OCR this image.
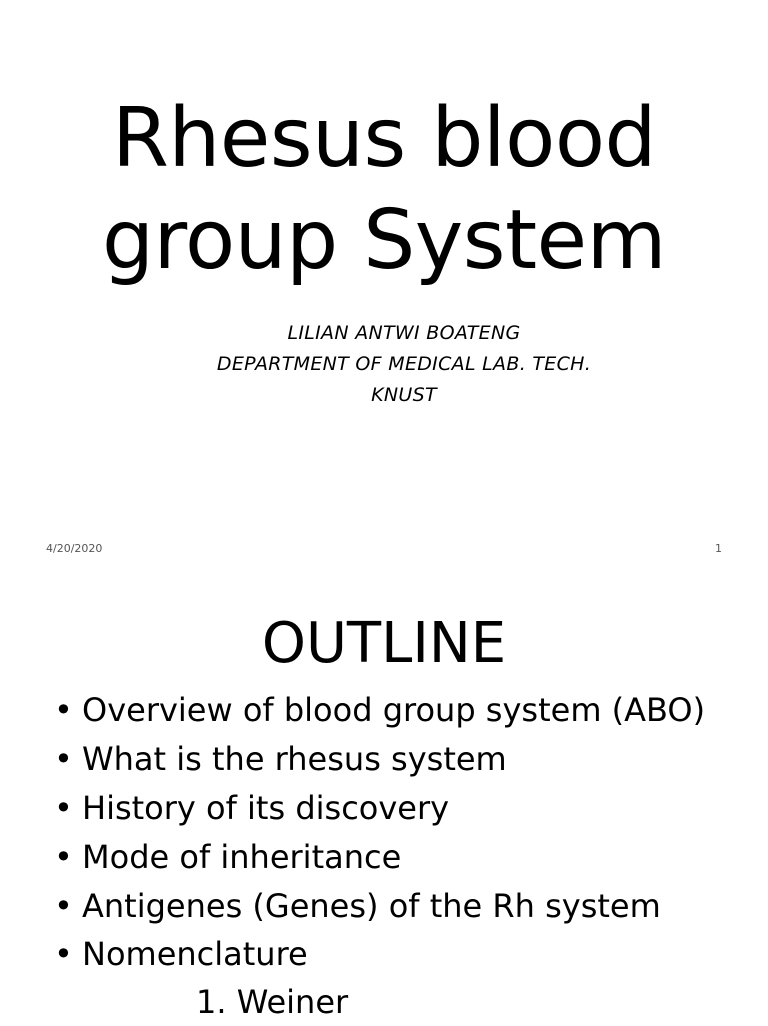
Rhesus blood
group System
LILIAN ANTWI BOATENG
DEPARTMENT OF MEDICAL LAB. TECH.
KNUST
4/20/2020	1
OUTLINE
• Overview of blood group system (ABO)
• What is the rhesus system
• History of its discovery
• Mode of inheritance
• Antigenes (Genes) of the Rh system
• Nomenclature
1. Weiner
